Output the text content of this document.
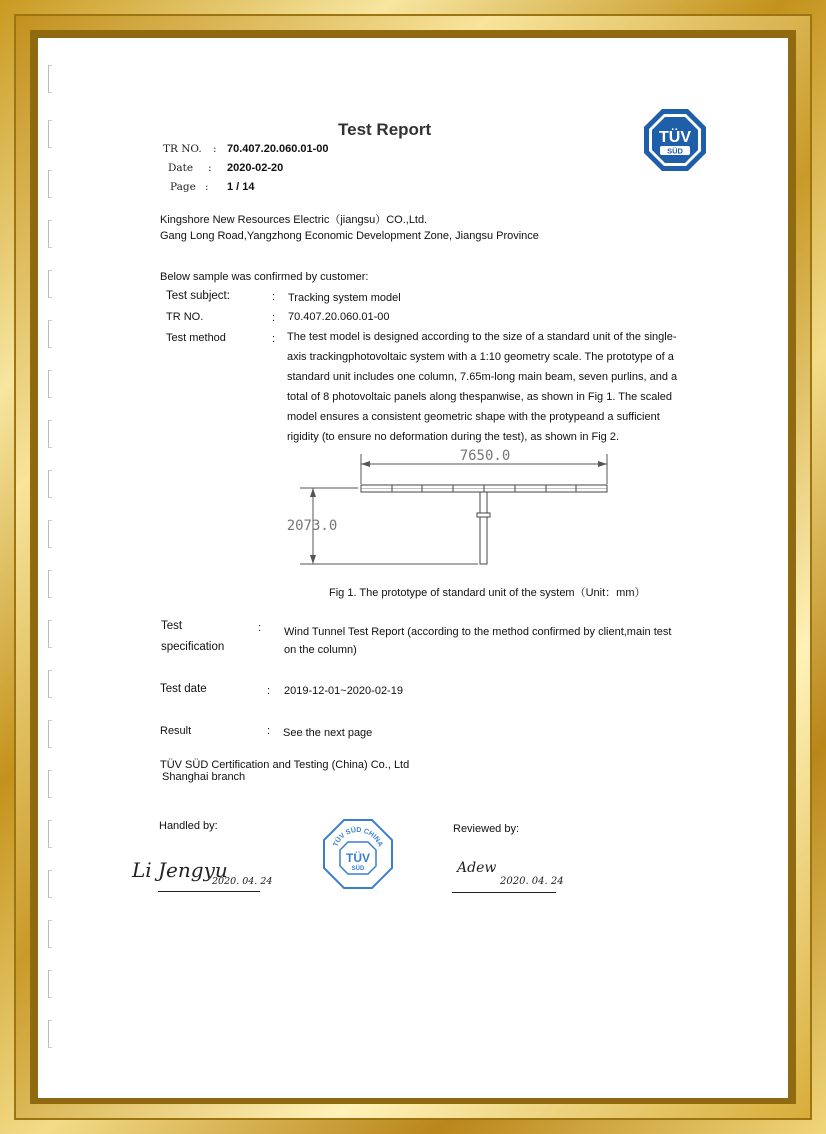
Test Report	TÜV
SÜD
TR NO. : 70.407.20.060.01-00
Date : 2020-02-20
Page : 1 / 14
Kingshore New Resources Electric（jiangsu）CO.,Ltd.
Gang Long Road,Yangzhong Economic Development Zone, Jiangsu Province
Below sample was confirmed by customer:
Test subject:	: Tracking system model
TR NO.	: 70.407.20.060.01-00
Test method	: The test model is designed according to the size of a standard unit of the single-
axis trackingphotovoltaic system with a 1:10 geometry scale. The prototype of a
standard unit includes one column, 7.65m-long main beam, seven purlins, and a
total of 8 photovoltaic panels along thespanwise, as shown in Fig 1. The scaled
model ensures a consistent geometric shape with the protypeand a sufficient
rigidity (to ensure no deformation during the test), as shown in Fig 2.
7650.0
2073.0
Fig 1. The prototype of standard unit of the system（Unit：mm）
Test
specification
: Wind Tunnel Test Report (according to the method confirmed by client,main test
on the column)
Test date	: 2019-12-01~2020-02-19
Result	: See the next page
TÜV SÜD Certification and Testing (China) Co., Ltd
Shanghai branch
Handled by:
Li Jengyu
2020. 04. 24
TÜV SÜD CHINA
TÜV
SÜD
Reviewed by:
Adew
2020. 04. 24
